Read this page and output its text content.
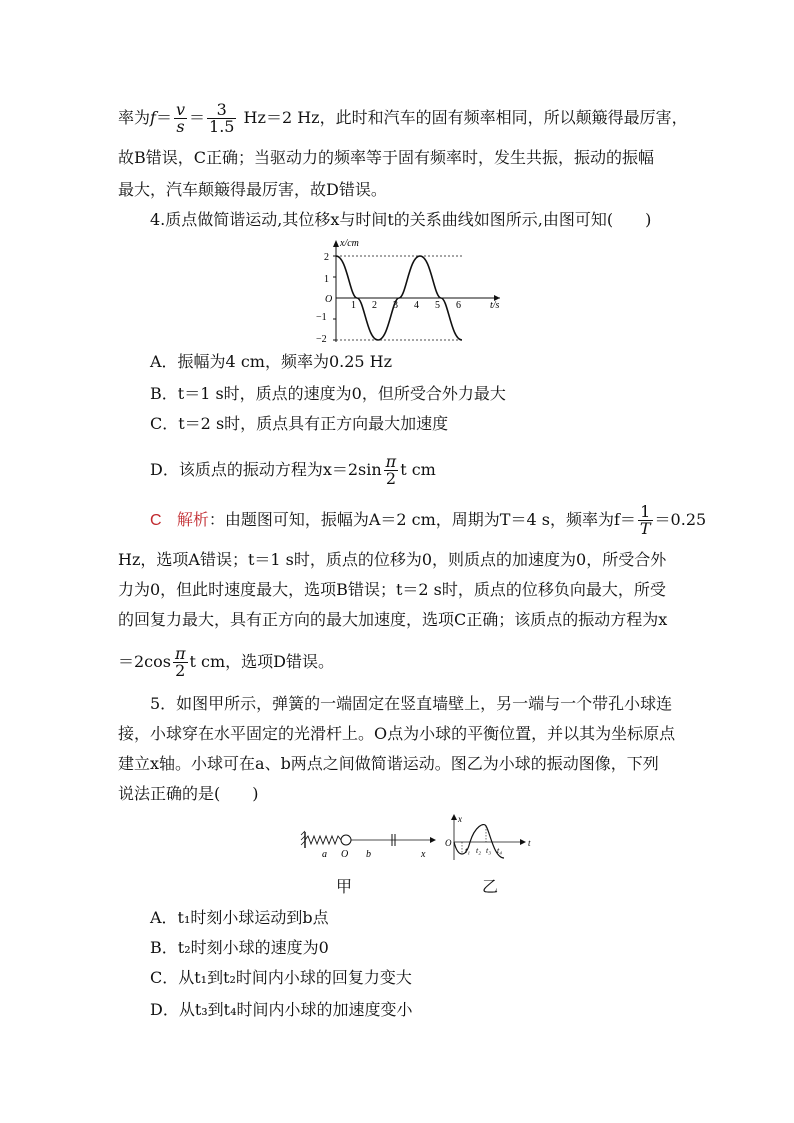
率为$f= \frac{v}{s} = \frac{3}{1.5} Hz=2$ Hz，此时和汽车的固有频率相同，所以颠簸得最厉害，
故B错误，C正确；当驱动力的频率等于固有频率时，发生共振，振动的振幅
最大，汽车颠簸得最厉害，故D错误。
4.质点做简谐运动,其位移x与时间t的关系曲线如图所示,由图可知(　　)
x/cm
t/s
O
2
1
−1
−2
1 2 3 4 5 6
A．振幅为4 cm，频率为0.25 Hz
B．t＝1 s时，质点的速度为0，但所受合外力最大
C．t＝2 s时，质点具有正方向最大加速度
D．该质点的振动方程为$x=2\sin \frac{\pi}{2}$ t cm
C 解析：由题图可知，振幅为A＝2 cm，周期为T＝4 s，频率为$f= \frac{1}{T} =0.25$
Hz，选项A错误；t＝1 s时，质点的位移为0，则质点的加速度为0，所受合外
力为0，但此时速度最大，选项B错误；t＝2 s时，质点的位移负向最大，所受
的回复力最大，具有正方向的最大加速度，选项C正确；该质点的振动方程为x
$=2\cos \frac{\pi}{2}$ t cm，选项D错误。
5．如图甲所示，弹簧的一端固定在竖直墙壁上，另一端与一个带孔小球连
接，小球穿在水平固定的光滑杆上。O点为小球的平衡位置，并以其为坐标原点
建立x轴。小球可在a、b两点之间做简谐运动。图乙为小球的振动图像，下列
说法正确的是(　　)
a O b	x
x
O	t
t₁ t₂ t₃ t₄
甲	乙
A．t₁时刻小球运动到b点
B．t₂时刻小球的速度为0
C．从t₁到t₂时间内小球的回复力变大
D．从t₃到t₄时间内小球的加速度变小
